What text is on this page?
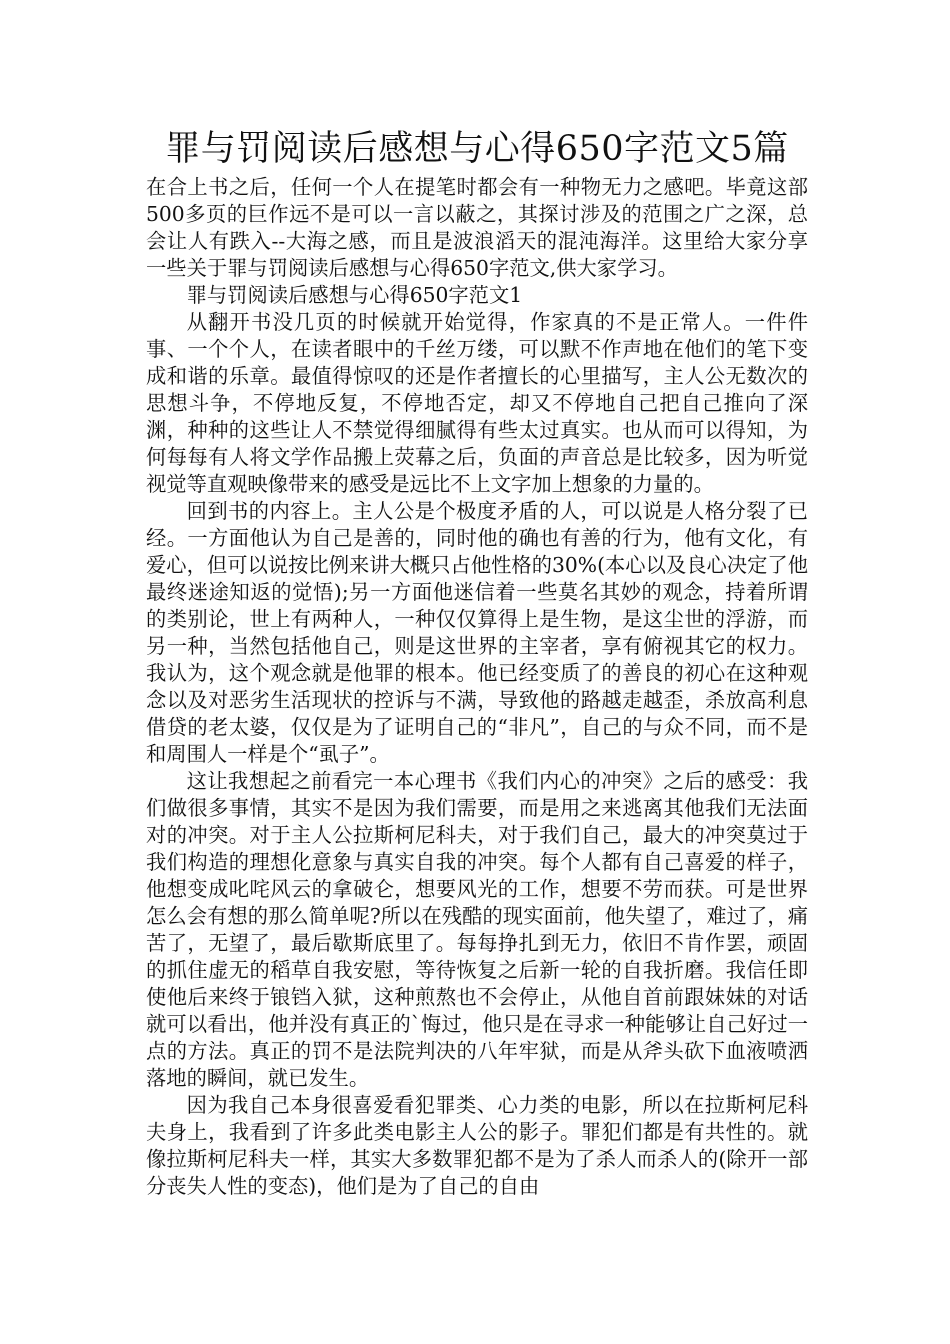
罪与罚阅读后感想与心得650字范文5篇

在合上书之后，任何一个人在提笔时都会有一种物无力之感吧。毕竟这部500多页的巨作远不是可以一言以蔽之，其探讨涉及的范围之广之深，总会让人有跌入--大海之感，而且是波浪滔天的混沌海洋。这里给大家分享一些关于罪与罚阅读后感想与心得650字范文,供大家学习。

罪与罚阅读后感想与心得650字范文1

从翻开书没几页的时候就开始觉得，作家真的不是正常人。一件件事、一个个人，在读者眼中的千丝万缕，可以默不作声地在他们的笔下变成和谐的乐章。最值得惊叹的还是作者擅长的心里描写，主人公无数次的思想斗争，不停地反复，不停地否定，却又不停地自己把自己推向了深渊，种种的这些让人不禁觉得细腻得有些太过真实。也从而可以得知，为何每每有人将文学作品搬上荧幕之后，负面的声音总是比较多，因为听觉视觉等直观映像带来的感受是远比不上文字加上想象的力量的。

回到书的内容上。主人公是个极度矛盾的人，可以说是人格分裂了已经。一方面他认为自己是善的，同时他的确也有善的行为，他有文化，有爱心，但可以说按比例来讲大概只占他性格的30%(本心以及良心决定了他最终迷途知返的觉悟);另一方面他迷信着一些莫名其妙的观念，持着所谓的类别论，世上有两种人，一种仅仅算得上是生物，是这尘世的浮游，而另一种，当然包括他自己，则是这世界的主宰者，享有俯视其它的权力。我认为，这个观念就是他罪的根本。他已经变质了的善良的初心在这种观念以及对恶劣生活现状的控诉与不满，导致他的路越走越歪，杀放高利息借贷的老太婆，仅仅是为了证明自己的“非凡”，自己的与众不同，而不是和周围人一样是个“虱子”。

这让我想起之前看完一本心理书《我们内心的冲突》之后的感受：我们做很多事情，其实不是因为我们需要，而是用之来逃离其他我们无法面对的冲突。对于主人公拉斯柯尼科夫，对于我们自己，最大的冲突莫过于我们构造的理想化意象与真实自我的冲突。每个人都有自己喜爱的样子，他想变成叱咤风云的拿破仑，想要风光的工作，想要不劳而获。可是世界怎么会有想的那么简单呢?所以在残酷的现实面前，他失望了，难过了，痛苦了，无望了，最后歇斯底里了。每每挣扎到无力，依旧不肯作罢，顽固的抓住虚无的稻草自我安慰，等待恢复之后新一轮的自我折磨。我信任即使他后来终于锒铛入狱，这种煎熬也不会停止，从他自首前跟妹妹的对话就可以看出，他并没有真正的`悔过，他只是在寻求一种能够让自己好过一点的方法。真正的罚不是法院判决的八年牢狱，而是从斧头砍下血液喷洒落地的瞬间，就已发生。

因为我自己本身很喜爱看犯罪类、心力类的电影，所以在拉斯柯尼科夫身上，我看到了许多此类电影主人公的影子。罪犯们都是有共性的。就像拉斯柯尼科夫一样，其实大多数罪犯都不是为了杀人而杀人的(除开一部分丧失人性的变态)，他们是为了自己的自由
